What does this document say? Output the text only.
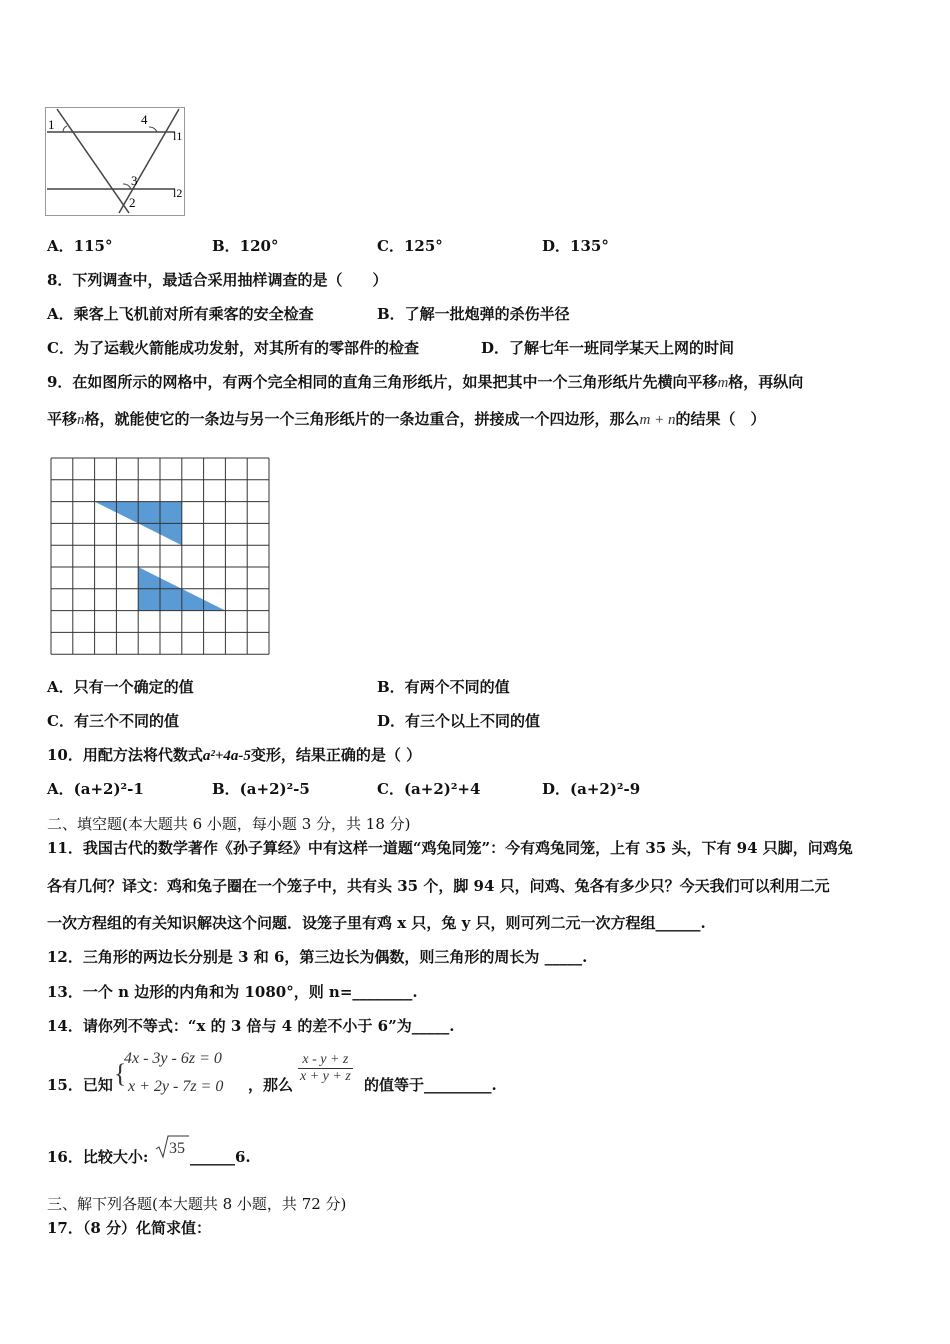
1	4
l1
3
l2
2
A．115°	B．120°	C．125°	D．135°
8．下列调查中，最适合采用抽样调查的是（　　）
A．乘客上飞机前对所有乘客的安全检查	B．了解一批炮弹的杀伤半径
C．为了运载火箭能成功发射，对其所有的零部件的检查	D．了解七年一班同学某天上网的时间
9．在如图所示的网格中，有两个完全相同的直角三角形纸片，如果把其中一个三角形纸片先横向平移m格，再纵向
平移n格，就能使它的一条边与另一个三角形纸片的一条边重合，拼接成一个四边形，那么m + n的结果（　）
A．只有一个确定的值	B．有两个不同的值
C．有三个不同的值	D．有三个以上不同的值
10．用配方法将代数式a²+4a-5变形，结果正确的是（ ）
A．(a+2)²-1	B．(a+2)²-5	C．(a+2)²+4	D．(a+2)²-9
二、填空题(本大题共 6 小题，每小题 3 分，共 18 分)
11．我国古代的数学著作《孙子算经》中有这样一道题“鸡兔同笼”：今有鸡兔同笼，上有 35 头，下有 94 只脚，问鸡兔
各有几何？译文：鸡和兔子圈在一个笼子中，共有头 35 个，脚 94 只，问鸡、兔各有多少只？今天我们可以利用二元
一次方程组的有关知识解决这个问题．设笼子里有鸡 x 只，兔 y 只，则可列二元一次方程组______.
12．三角形的两边长分别是 3 和 6，第三边长为偶数，则三角形的周长为 _____.
13．一个 n 边形的内角和为 1080°，则 n=________.
14．请你列不等式：“x 的 3 倍与 4 的差不小于 6”为_____.
15．已知 {
4x - 3y - 6z = 0
x + 2y - 7z = 0 ，那么 $\frac{x - y + z}{x + y + z}$ 的值等于_________.
16．比较大小: 35 ______6.
三、解下列各题(本大题共 8 小题，共 72 分)
17．（8 分）化简求值：
